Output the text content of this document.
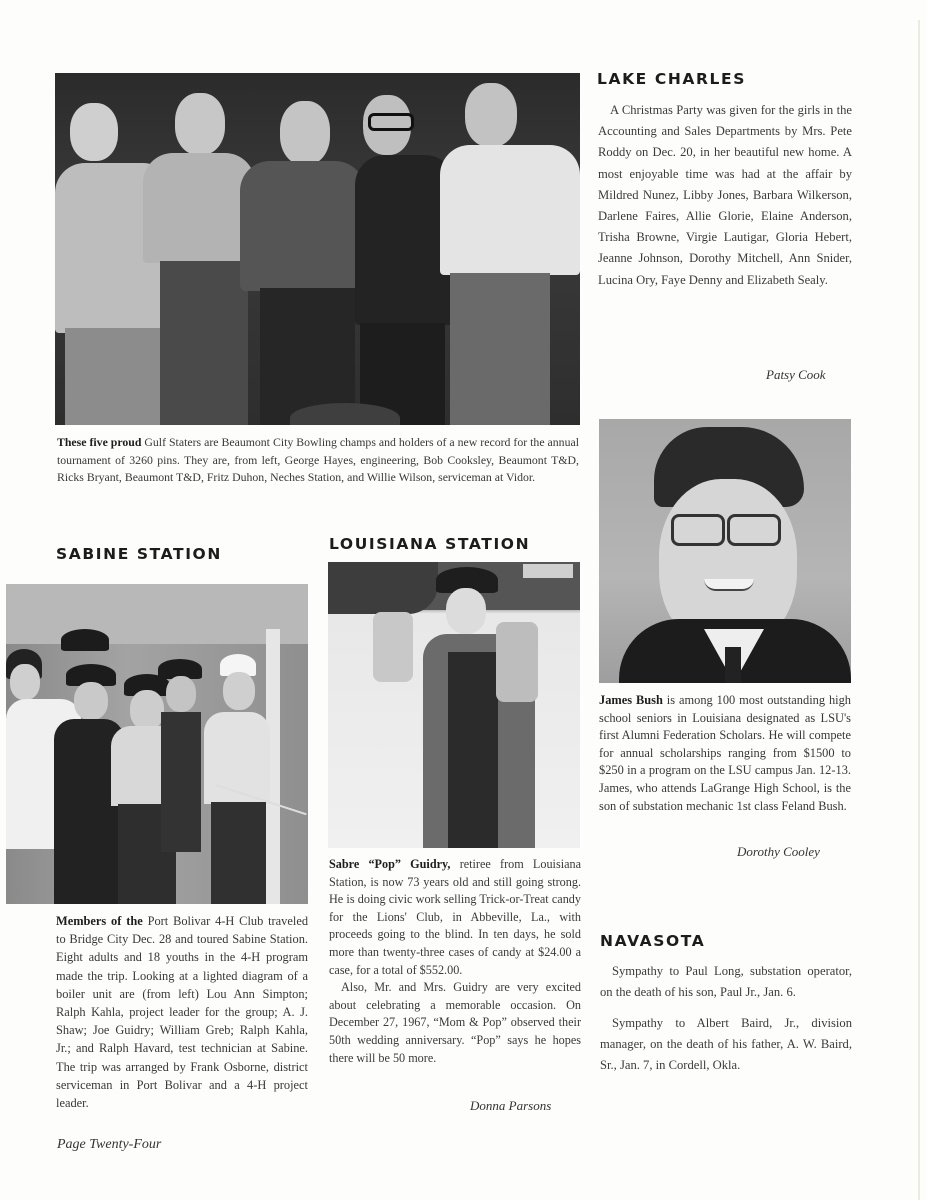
These five proud Gulf Staters are Beaumont City Bowling champs and holders of a new record for the annual tournament of 3260 pins. They are, from left, George Hayes, engineering, Bob Cooksley, Beaumont T&D, Ricks Bryant, Beaumont T&D, Fritz Duhon, Neches Station, and Willie Wilson, serviceman at Vidor.

LAKE CHARLES

A Christmas Party was given for the girls in the Accounting and Sales Departments by Mrs. Pete Roddy on Dec. 20, in her beautiful new home. A most enjoyable time was had at the affair by Mildred Nunez, Libby Jones, Barbara Wilkerson, Darlene Faires, Allie Glorie, Elaine Anderson, Trisha Browne, Virgie Lautigar, Gloria Hebert, Jeanne Johnson, Dorothy Mitchell, Ann Snider, Lucina Ory, Faye Denny and Elizabeth Sealy.

Patsy Cook

James Bush is among 100 most outstanding high school seniors in Louisiana designated as LSU's first Alumni Federation Scholars. He will compete for annual scholarships ranging from $1500 to $250 in a program on the LSU campus Jan. 12-13. James, who attends LaGrange High School, is the son of substation mechanic 1st class Feland Bush.

Dorothy Cooley

SABINE STATION

Members of the Port Bolivar 4-H Club traveled to Bridge City Dec. 28 and toured Sabine Station. Eight adults and 18 youths in the 4-H program made the trip. Looking at a lighted diagram of a boiler unit are (from left) Lou Ann Simpton; Ralph Kahla, project leader for the group; A. J. Shaw; Joe Guidry; William Greb; Ralph Kahla, Jr.; and Ralph Havard, test technician at Sabine. The trip was arranged by Frank Osborne, district serviceman in Port Bolivar and a 4-H project leader.

LOUISIANA STATION

Sabre “Pop” Guidry, retiree from Louisiana Station, is now 73 years old and still going strong. He is doing civic work selling Trick-or-Treat candy for the Lions' Club, in Abbeville, La., with proceeds going to the blind. In ten days, he sold more than twenty-three cases of candy at $24.00 a case, for a total of $552.00.

Also, Mr. and Mrs. Guidry are very excited about celebrating a memorable occasion. On December 27, 1967, “Mom & Pop” observed their 50th wedding anniversary. “Pop” says he hopes there will be 50 more.

Donna Parsons

NAVASOTA

Sympathy to Paul Long, substation operator, on the death of his son, Paul Jr., Jan. 6.

Sympathy to Albert Baird, Jr., division manager, on the death of his father, A. W. Baird, Sr., Jan. 7, in Cordell, Okla.

Page Twenty-Four
